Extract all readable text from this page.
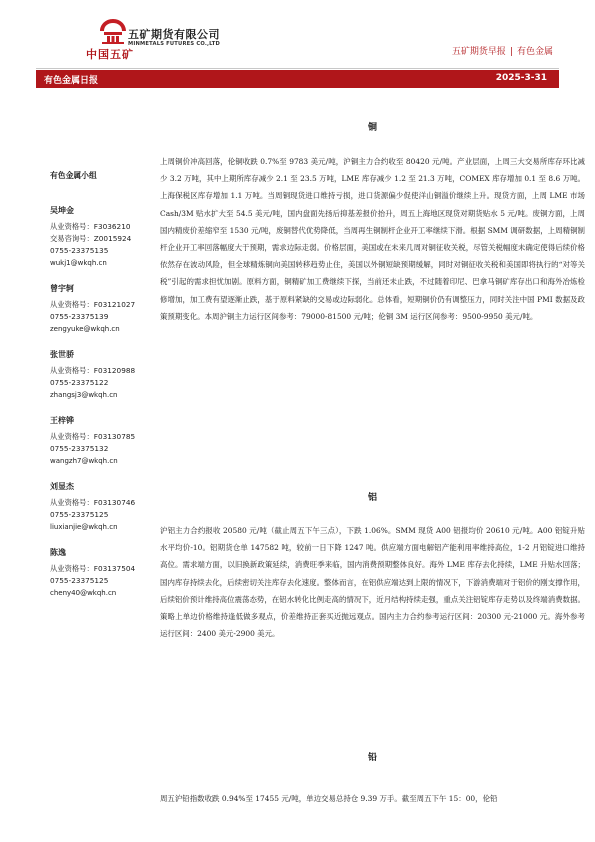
中国五矿
五矿期货有限公司
MINMETALS FUTURES CO.,LTD
五矿期货早报 | 有色金属
有色金属日报	2025-3-31
有色金属小组
吴坤金
从业资格号：F3036210
交易咨询号：Z0015924
0755-23375135
wukj1@wkqh.cn
曾宇轲
从业资格号：F03121027
0755-23375139
zengyuke@wkqh.cn
张世骄
从业资格号：F03120988
0755-23375122
zhangsj3@wkqh.cn
王梓铧
从业资格号：F03130785
0755-23375132
wangzh7@wkqh.cn
刘显杰
从业资格号：F03130746
0755-23375125
liuxianjie@wkqh.cn
陈逸
从业资格号：F03137504
0755-23375125
cheny40@wkqh.cn
铜
上周铜价冲高回落，伦铜收跌 0.7%至 9783 美元/吨，沪铜主力合约收至 80420 元/吨。产业层面，上周三大交易所库存环比减少 3.2 万吨，其中上期所库存减少 2.1 至 23.5 万吨，LME 库存减少 1.2 至 21.3 万吨，COMEX 库存增加 0.1 至 8.6 万吨。上海保税区库存增加 1.1 万吨。当周铜现货进口维持亏损，进口货源偏少促使洋山铜溢价继续上升。现货方面，上周 LME 市场 Cash/3M 贴水扩大至 54.5 美元/吨，国内盘面先扬后抑基差报价抬升，周五上海地区现货对期货贴水 5 元/吨。废铜方面，上周国内精废价差缩窄至 1530 元/吨，废铜替代优势降低，当周再生铜制杆企业开工率继续下滑。根据 SMM 调研数据，上周精铜制杆企业开工率回落幅度大于预期，需求边际走弱。价格层面，美国或在未来几周对铜征收关税，尽管关税幅度未确定使得后续价格依然存在波动风险，但全球精炼铜向美国转移趋势止住，美国以外铜短缺预期缓解，同时对铜征收关税和美国即将执行的“对等关税”引起的需求担忧加剧。原料方面，铜精矿加工费继续下探，当前还未止跌，不过随着印尼、巴拿马铜矿库存出口和海外冶炼检修增加，加工费有望逐渐止跌，基于原料紧缺的交易或边际弱化。总体看，短期铜价仍有调整压力，同时关注中国 PMI 数据及政策预期变化。本周沪铜主力运行区间参考：79000-81500 元/吨；伦铜 3M 运行区间参考：9500-9950 美元/吨。
铝
沪铝主力合约报收 20580 元/吨（截止周五下午三点），下跌 1.06%。SMM 现货 A00 铝报均价 20610 元/吨。A00 铝锭升贴水平均价-10。铝期货仓单 147582 吨，较前一日下降 1247 吨。供应端方面电解铝产能利用率维持高位，1-2 月铝锭进口维持高位。需求端方面，以旧换新政策延续，消费旺季来临，国内消费预期整体良好。海外 LME 库存去化持续，LME 升贴水回落；国内库存持续去化，后续密切关注库存去化速度。整体而言，在铝供应端达到上限的情况下，下游消费端对于铝价的刚支撑作用，后续铝价预计维持高位震荡态势，在铝水转化比例走高的情况下，近月结构持续走强，重点关注铝锭库存走势以及终端消费数据。策略上单边价格维持逢低做多观点，价差维持正套买近抛远观点。国内主力合约参考运行区间：20300 元-21000 元。海外参考运行区间：2400 美元-2900 美元。
铅
周五沪铅指数收跌 0.94%至 17455 元/吨，单边交易总持仓 9.39 万手。截至周五下午 15：00，伦铅
